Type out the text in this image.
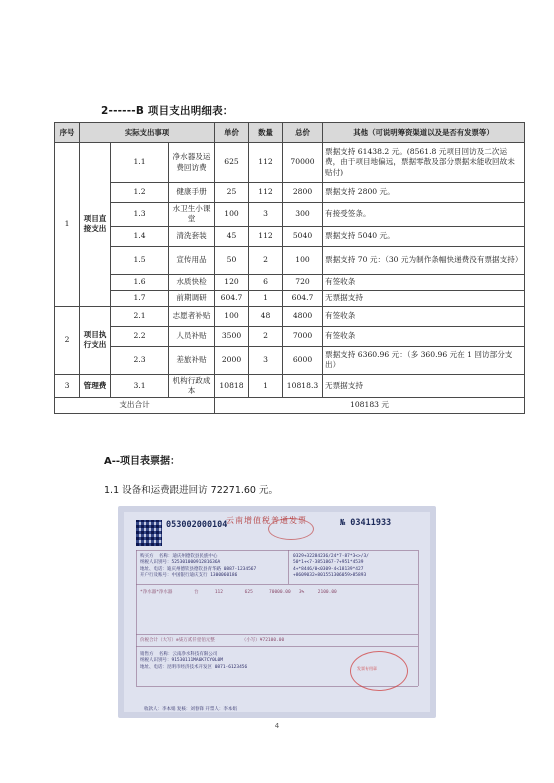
2------B 项目支出明细表：
序号	实际支出事项			单价	数量	总价	其他（可说明筹资渠道以及是否有发票等）
1	项目直接支出	1.1	净水器及运费回访费	625	112	70000	票据支持 61438.2 元。(8561.8 元项目回访及二次运费，由于项目地偏远，票据零散及部分票据未能收回故未贴付)
		1.2	健康手册	25	112	2800	票据支持 2800 元。
		1.3	水卫生小课堂	100	3	300	有接受签条。
		1.4	清洗套装	45	112	5040	票据支持 5040 元。
		1.5	宣传用品	50	2	100	票据支持 70 元：（30 元为制作条幅快递费没有票据支持）
		1.6	水质快检	120	6	720	有签收条
		1.7	前期调研	604.7	1	604.7	无票据支持
2	项目执行支出	2.1	志愿者补贴	100	48	4800	有签收条
		2.2	人员补贴	3500	2	7000	有签收条
		2.3	差旅补贴	2000	3	6000	票据支持 6360.96 元：（多 360.96 元在 1 回访部分支出）
3	管理费	3.1	机构行政成本	10818	1	10818.3	无票据支持
支出合计				108183 元			
A--项目表票据：
1.1 设备和运费跟进回访 72271.60 元。
053002000104
云南增值税普通发票	№ 03411933
购买方  名称：迪庆州德钦县民族中心
纳税人识别号：52530100091281636A
地址、电话：迪庆州德钦县德钦县青华路 0887-1234567
开户行及账号：中国银行迪庆支行 1300060186
0329+32284236/24*7-87*3<>/3/
50*1+<7-3851867-7+951*4539
4+*8446/0<0309-4<18139*427
+8609032+801551306059>85893
*净水器*净水器        台      112        625      70000.00   3%     2100.00
价税合计（大写）⊗柒万贰仟壹佰元整          （小写）¥72100.00
销售方  名称：云南净水科技有限公司
纳税人识别号：91530111MA6K7CY0L0M
地址、电话：昆明市经济技术开发区 0871-6123456	发票专用章
收款人：李本娟 复核：刘春锋 开票人：李本娟
4
